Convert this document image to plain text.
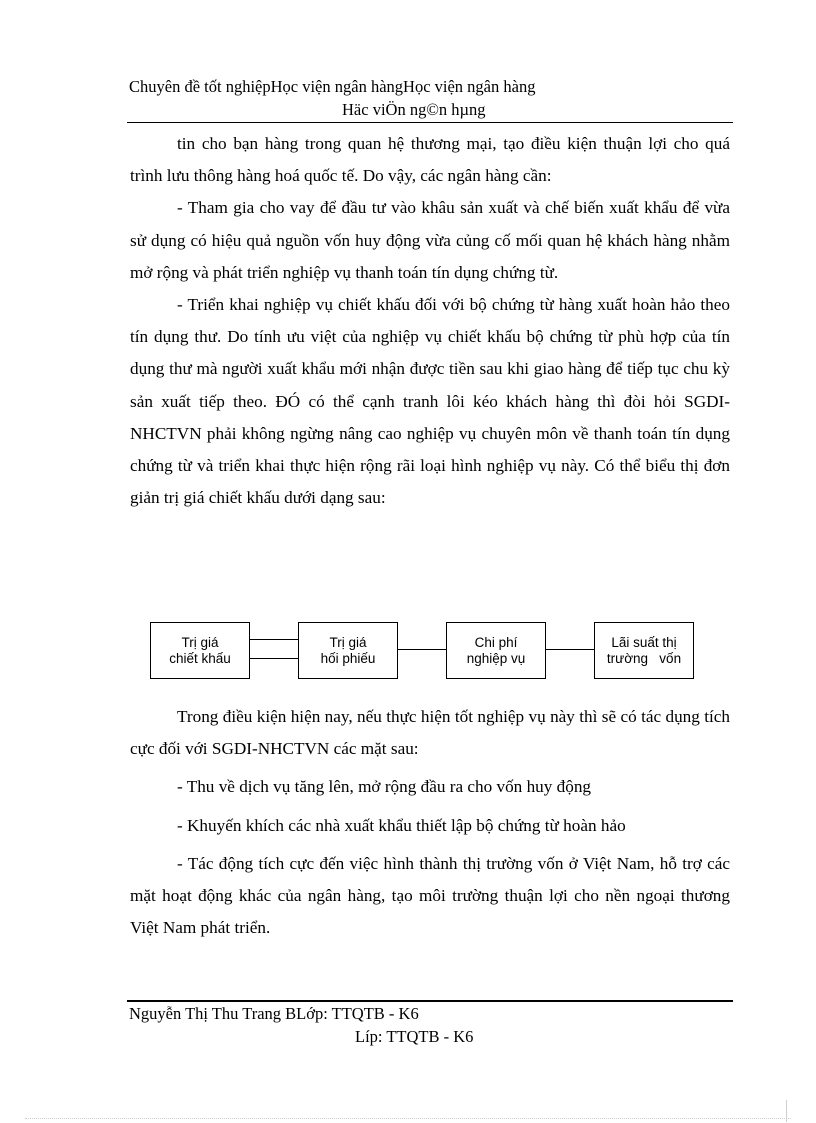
Chuyên đề tốt nghiệpHọc viện ngân hàngHọc viện ngân hàng
Häc viÖn ng©n hµng

tin cho bạn hàng trong quan hệ thương mại, tạo điều kiện thuận lợi cho quá trình lưu thông hàng hoá quốc tế. Do vậy, các ngân hàng cần:

- Tham gia cho vay để đầu tư vào khâu sản xuất và chế biến xuất khẩu để vừa sử dụng có hiệu quả nguồn vốn huy động vừa củng cố mối quan hệ khách hàng nhằm mở rộng và phát triển nghiệp vụ thanh toán tín dụng chứng từ.

- Triển khai nghiệp vụ chiết khấu đối với bộ chứng từ hàng xuất hoàn hảo theo tín dụng thư. Do tính ưu việt của nghiệp vụ chiết khấu bộ chứng từ phù hợp của tín dụng thư mà người xuất khẩu mới nhận được tiền sau khi giao hàng để tiếp tục chu kỳ sản xuất tiếp theo. ĐÓ có thể cạnh tranh lôi kéo khách hàng thì đòi hỏi SGDI-NHCTVN phải không ngừng nâng cao nghiệp vụ chuyên môn về thanh toán tín dụng chứng từ và triển khai thực hiện rộng rãi loại hình nghiệp vụ này. Có thể biểu thị đơn giản trị giá chiết khấu dưới dạng sau:

Trị giá
chiết khấu
Trị giá
hối phiếu
Chi phí
nghiệp vụ
Lãi suất thị
trường   vốn

Trong điều kiện hiện nay, nếu thực hiện tốt nghiệp vụ này thì sẽ có tác dụng tích cực đối với SGDI-NHCTVN các mặt sau:

- Thu về dịch vụ tăng lên, mở rộng đầu ra cho vốn huy động

- Khuyến khích các nhà xuất khẩu thiết lập bộ chứng từ hoàn hảo

- Tác động tích cực đến việc hình thành thị trường vốn ở Việt Nam, hỗ trợ các mặt hoạt động khác của ngân hàng, tạo môi trường thuận lợi cho nền ngoại thương Việt Nam phát triển.

Nguyễn Thị Thu Trang BLớp: TTQTB - K6
Líp: TTQTB - K6
